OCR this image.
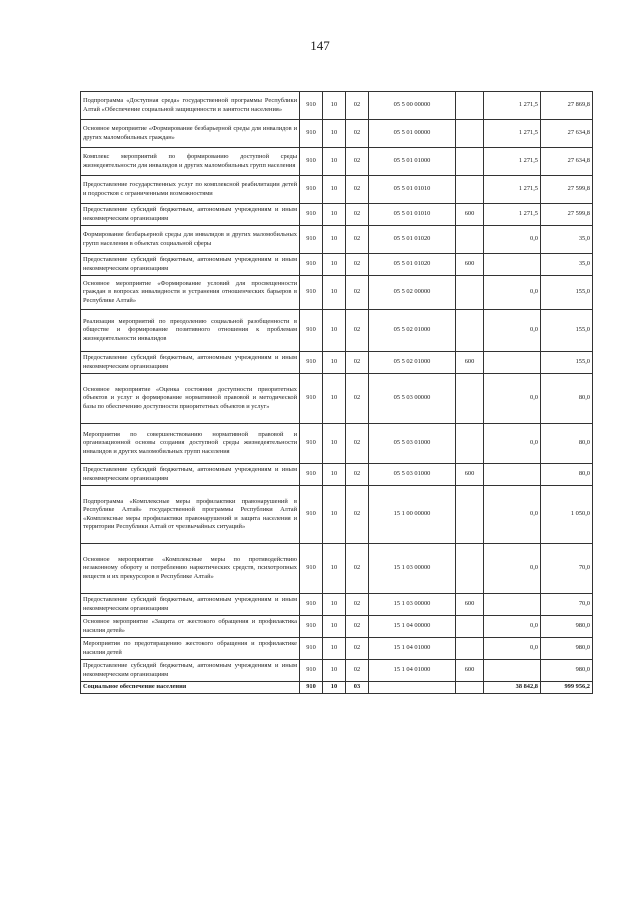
147
Подпрограмма «Доступная среда» государственной программы Республики Алтай «Обеспечение социальной защищенности и занятости населения»	910	10	02	05 5 00 00000		1 271,5	27 869,8
Основное мероприятие «Формирование безбарьерной среды для инвалидов и других маломобильных граждан»	910	10	02	05 5 01 00000		1 271,5	27 634,8
Комплекс мероприятий по формированию доступной среды жизнедеятельности для инвалидов и других маломобильных групп населения	910	10	02	05 5 01 01000		1 271,5	27 634,8
Предоставление государственных услуг по комплексной реабилитации детей и подростков с ограниченными возможностями	910	10	02	05 5 01 01010		1 271,5	27 599,8
Предоставление субсидий бюджетным, автономным учреждениям и иным некоммерческим организациям	910	10	02	05 5 01 01010	600	1 271,5	27 599,8
Формирование безбарьерной среды для инвалидов и других маломобильных групп населения в объектах социальной сферы	910	10	02	05 5 01 01020		0,0	35,0
Предоставление субсидий бюджетным, автономным учреждениям и иным некоммерческим организациям	910	10	02	05 5 01 01020	600		35,0
Основное мероприятие «Формирование условий для просвещенности граждан в вопросах инвалидности и устранения отношенческих барьеров в Республике Алтай»	910	10	02	05 5 02 00000		0,0	155,0
Реализация мероприятий по преодолению социальной разобщенности в обществе и формирование позитивного отношения к проблемам жизнедеятельности инвалидов	910	10	02	05 5 02 01000		0,0	155,0
Предоставление субсидий бюджетным, автономным учреждениям и иным некоммерческим организациям	910	10	02	05 5 02 01000	600		155,0
Основное мероприятие «Оценка состояния доступности приоритетных объектов и услуг и формирование нормативной правовой и методической базы по обеспечению доступности приоритетных объектов и услуг»	910	10	02	05 5 03 00000		0,0	80,0
Мероприятия по совершенствованию нормативной правовой и организационной основы создания доступной среды жизнедеятельности инвалидов и других маломобильных групп населения	910	10	02	05 5 03 01000		0,0	80,0
Предоставление субсидий бюджетным, автономным учреждениям и иным некоммерческим организациям	910	10	02	05 5 03 01000	600		80,0
Подпрограмма «Комплексные меры профилактики правонарушений в Республике Алтай» государственной программы Республики Алтай «Комплексные меры профилактики правонарушений и защита населения и территории Республики Алтай от чрезвычайных ситуаций»	910	10	02	15 1 00 00000		0,0	1 050,0
Основное мероприятие «Комплексные меры по противодействию незаконному обороту и потреблению наркотических средств, психотропных веществ и их прекурсоров в Республике Алтай»	910	10	02	15 1 03 00000		0,0	70,0
Предоставление субсидий бюджетным, автономным учреждениям и иным некоммерческим организациям	910	10	02	15 1 03 00000	600		70,0
Основное мероприятие «Защита от жестокого обращения и профилактика насилия детей»	910	10	02	15 1 04 00000		0,0	980,0
Мероприятия по предотвращению жестокого обращения и профилактике насилия детей	910	10	02	15 1 04 01000		0,0	980,0
Предоставление субсидий бюджетным, автономным учреждениям и иным некоммерческим организациям	910	10	02	15 1 04 01000	600		980,0
Социальное обеспечение населения	910	10	03			38 842,8	999 956,2
